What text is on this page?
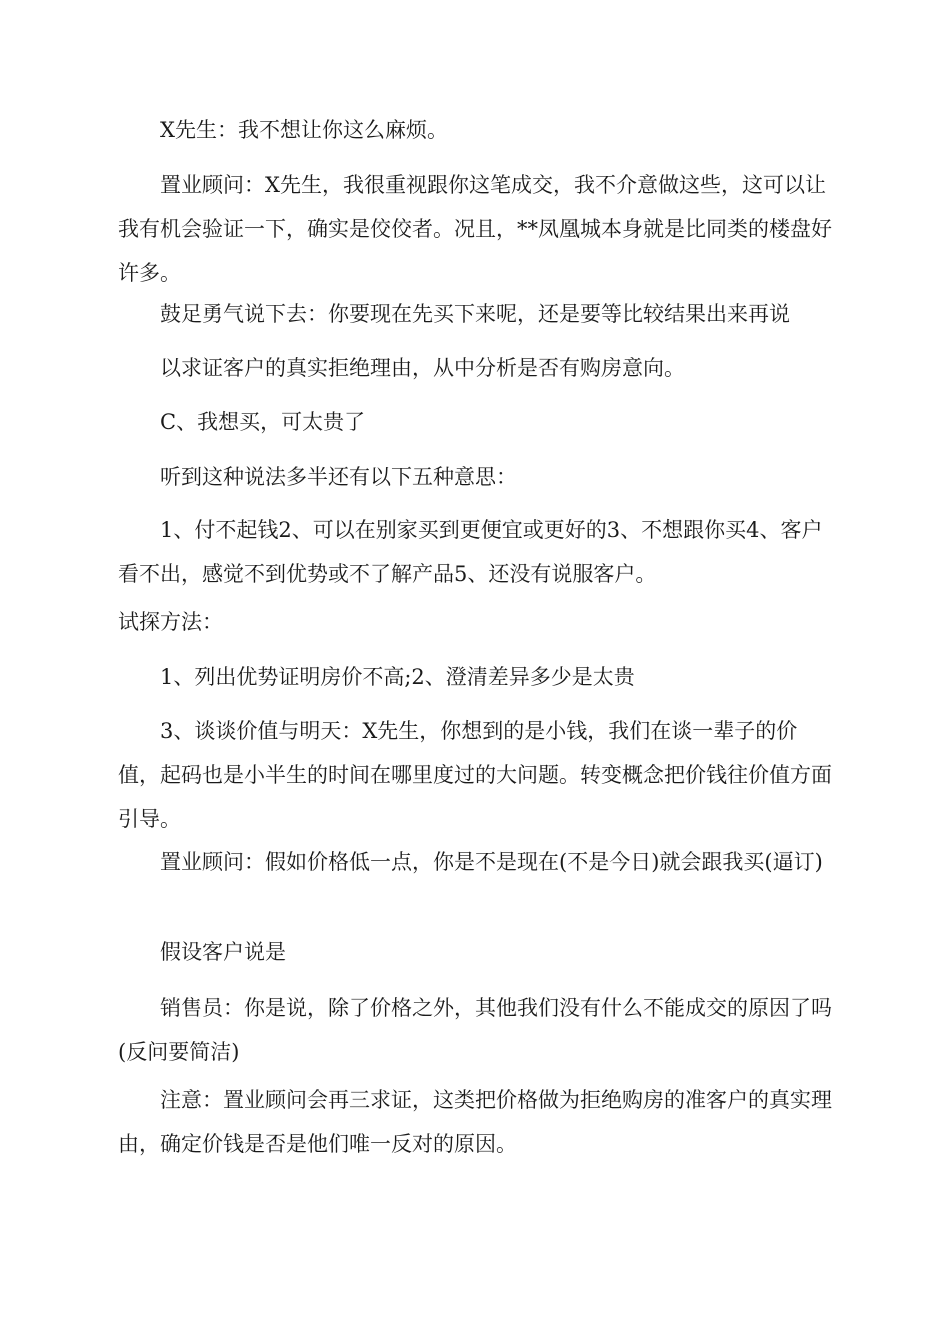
X先生：我不想让你这么麻烦。

置业顾问：X先生，我很重视跟你这笔成交，我不介意做这些，这可以让我有机会验证一下，确实是佼佼者。况且，**凤凰城本身就是比同类的楼盘好许多。

鼓足勇气说下去：你要现在先买下来呢，还是要等比较结果出来再说

以求证客户的真实拒绝理由，从中分析是否有购房意向。

C、我想买，可太贵了

听到这种说法多半还有以下五种意思：

1、付不起钱2、可以在别家买到更便宜或更好的3、不想跟你买4、客户看不出，感觉不到优势或不了解产品5、还没有说服客户。

试探方法：

1、列出优势证明房价不高;2、澄清差异多少是太贵

3、谈谈价值与明天：X先生，你想到的是小钱，我们在谈一辈子的价值，起码也是小半生的时间在哪里度过的大问题。转变概念把价钱往价值方面引导。

置业顾问：假如价格低一点，你是不是现在(不是今日)就会跟我买(逼订)

假设客户说是

销售员：你是说，除了价格之外，其他我们没有什么不能成交的原因了吗(反问要简洁)

注意：置业顾问会再三求证，这类把价格做为拒绝购房的准客户的真实理由，确定价钱是否是他们唯一反对的原因。
